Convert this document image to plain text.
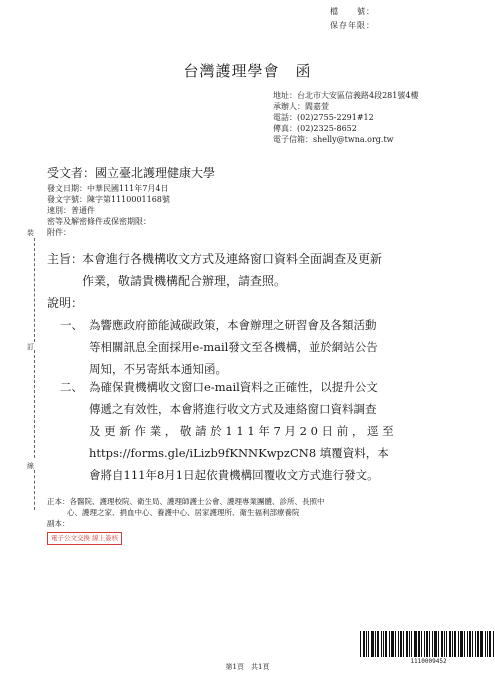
檔　　號：
保存年限：
台灣護理學會　函
地址：台北市大安區信義路4段281號4樓
承辦人：閻嘉萱
電話：(02)2755-2291#12
傳真：(02)2325-8652
電子信箱：shelly@twna.org.tw
受文者：國立臺北護理健康大學
發文日期：中華民國111年7月4日
發文字號：陳字第1110001168號
速別：普通件
密等及解密條件或保密期限：
附件：
裝
訂
線
主旨：
本會進行各機構收文方式及連絡窗口資料全面調查及更新
作業，敬請貴機構配合辦理，請查照。
說明：
一、 為響應政府節能減碳政策，本會辦理之研習會及各類活動
等相關訊息全面採用e-mail發文至各機構，並於網站公告
周知，不另寄紙本通知函。
二、 為確保貴機構收文窗口e-mail資料之正確性，以提升公文
傳遞之有效性，本會將進行收文方式及連絡窗口資料調查
及 更 新 作 業 ， 敬 請 於 1 1 1 年 7 月 2 0 日 前 ， 逕 至
https://forms.gle/iLizb9fKNNKwpzCN8 填覆資料，本
會將自111年8月1日起依貴機構回覆收文方式進行發文。
正本：各醫院、護理校院、衛生局、護理師護士公會、護理專業團體、診所、長照中
心、護理之家、捐血中心、養護中心、居家護理所、衛生福利部療養院
副本：
電子公文交換 線上簽核
第1頁　共1頁
1110009452
